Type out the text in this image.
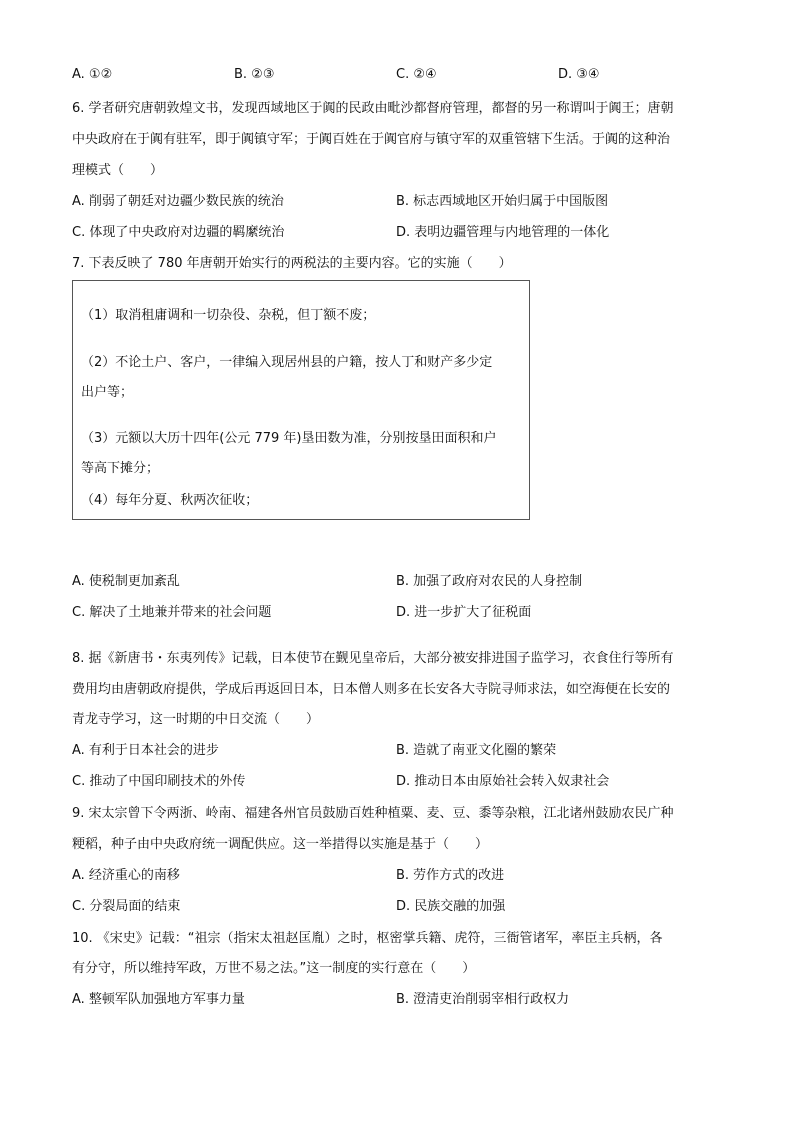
A. ①②	B. ②③	C. ②④	D. ③④
6. 学者研究唐朝敦煌文书，发现西域地区于阗的民政由毗沙都督府管理，都督的另一称谓叫于阗王；唐朝
中央政府在于阗有驻军，即于阗镇守军；于阗百姓在于阗官府与镇守军的双重管辖下生活。于阗的这种治
理模式（　　）
A. 削弱了朝廷对边疆少数民族的统治	B. 标志西域地区开始归属于中国版图
C. 体现了中央政府对边疆的羁縻统治	D. 表明边疆管理与内地管理的一体化
7. 下表反映了 780 年唐朝开始实行的两税法的主要内容。它的实施（　　）
（1）取消租庸调和一切杂役、杂税，但丁额不废；
（2）不论土户、客户，一律编入现居州县的户籍，按人丁和财产多少定
出户等；
（3）元额以大历十四年(公元 779 年)垦田数为准，分别按垦田面积和户
等高下摊分；
（4）每年分夏、秋两次征收；
A. 使税制更加紊乱	B. 加强了政府对农民的人身控制
C. 解决了土地兼并带来的社会问题	D. 进一步扩大了征税面
8. 据《新唐书・东夷列传》记载，日本使节在觐见皇帝后，大部分被安排进国子监学习，衣食住行等所有
费用均由唐朝政府提供，学成后再返回日本，日本僧人则多在长安各大寺院寻师求法，如空海便在长安的
青龙寺学习，这一时期的中日交流（　　）
A. 有利于日本社会的进步	B. 造就了南亚文化圈的繁荣
C. 推动了中国印刷技术的外传	D. 推动日本由原始社会转入奴隶社会
9. 宋太宗曾下令两浙、岭南、福建各州官员鼓励百姓种植粟、麦、豆、黍等杂粮，江北诸州鼓励农民广种
粳稻，种子由中央政府统一调配供应。这一举措得以实施是基于（　　）
A. 经济重心的南移	B. 劳作方式的改进
C. 分裂局面的结束	D. 民族交融的加强
10. 《宋史》记载：“祖宗（指宋太祖赵匡胤）之时，枢密掌兵籍、虎符，三衙管诸军，率臣主兵柄，各
有分守，所以维持军政，万世不易之法。”这一制度的实行意在（　　）
A. 整顿军队加强地方军事力量	B. 澄清吏治削弱宰相行政权力
